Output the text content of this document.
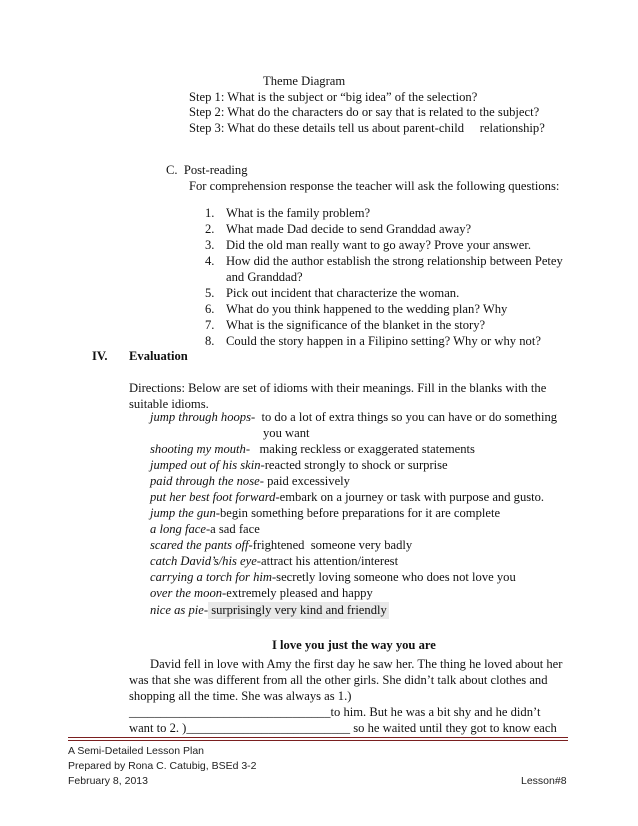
Theme Diagram
Step 1: What is the subject or “big idea” of the selection?
Step 2: What do the characters do or say that is related to the subject?
Step 3: What do these details tell us about parent-child     relationship?
C.  Post-reading
For comprehension response the teacher will ask the following questions:
1. What is the family problem?
2. What made Dad decide to send Granddad away?
3. Did the old man really want to go away? Prove your answer.
4. How did the author establish the strong relationship between Petey
and Granddad?
5. Pick out incident that characterize the woman.
6. What do you think happened to the wedding plan? Why
7. What is the significance of the blanket in the story?
8. Could the story happen in a Filipino setting? Why or why not?
IV. Evaluation
Directions: Below are set of idioms with their meanings. Fill in the blanks with the
suitable idioms.
jump through hoops-  to do a lot of extra things so you can have or do something
you want
shooting my mouth-   making reckless or exaggerated statements
jumped out of his skin-reacted strongly to shock or surprise
paid through the nose- paid excessively
put her best foot forward-embark on a journey or task with purpose and gusto.
jump the gun-begin something before preparations for it are complete
a long face-a sad face
scared the pants off-frightened  someone very badly
catch David’s/his eye-attract his attention/interest
carrying a torch for him-secretly loving someone who does not love you
over the moon-extremely pleased and happy
nice as pie- surprisingly very kind and friendly
I love you just the way you are
David fell in love with Amy the first day he saw her. The thing he loved about her
was that she was different from all the other girls. She didn’t talk about clothes and
shopping all the time. She was always as 1.)
________________________________to him. But he was a bit shy and he didn’t
want to 2. )__________________________ so he waited until they got to know each
A Semi-Detailed Lesson Plan
Prepared by Rona C. Catubig, BSEd 3-2
February 8, 2013	Lesson#8
